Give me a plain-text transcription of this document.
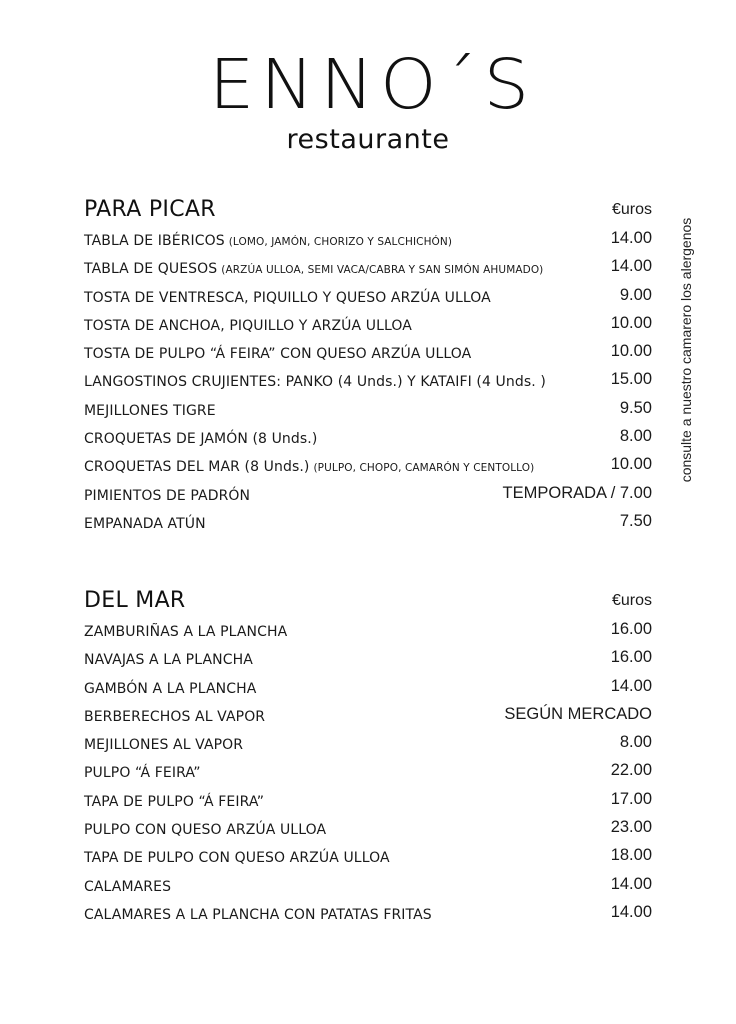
ENNO´S
restaurante
PARA PICAR	€uros
TABLA DE IBÉRICOS (LOMO, JAMÓN, CHORIZO Y SALCHICHÓN)	14.00
TABLA DE QUESOS (ARZÚA ULLOA, SEMI VACA/CABRA Y SAN SIMÓN AHUMADO)	14.00
TOSTA DE VENTRESCA, PIQUILLO Y QUESO ARZÚA ULLOA	9.00
TOSTA DE ANCHOA, PIQUILLO Y ARZÚA ULLOA	10.00
TOSTA DE PULPO “Á FEIRA” CON QUESO ARZÚA ULLOA	10.00
LANGOSTINOS CRUJIENTES: PANKO (4 Unds.) Y KATAIFI (4 Unds. )	15.00
MEJILLONES TIGRE	9.50
CROQUETAS DE JAMÓN (8 Unds.)	8.00
CROQUETAS DEL MAR (8 Unds.) (PULPO, CHOPO, CAMARÓN Y CENTOLLO)	10.00
PIMIENTOS DE PADRÓN	TEMPORADA / 7.00
EMPANADA ATÚN	7.50
DEL MAR	€uros
ZAMBURIÑAS A LA PLANCHA	16.00
NAVAJAS A LA PLANCHA	16.00
GAMBÓN A LA PLANCHA	14.00
BERBERECHOS AL VAPOR	SEGÚN MERCADO
MEJILLONES AL VAPOR	8.00
PULPO “Á FEIRA”	22.00
TAPA DE PULPO “Á FEIRA”	17.00
PULPO CON QUESO ARZÚA ULLOA	23.00
TAPA DE PULPO CON QUESO ARZÚA ULLOA	18.00
CALAMARES	14.00
CALAMARES A LA PLANCHA CON PATATAS FRITAS	14.00
consulte a nuestro camarero los alergenos
